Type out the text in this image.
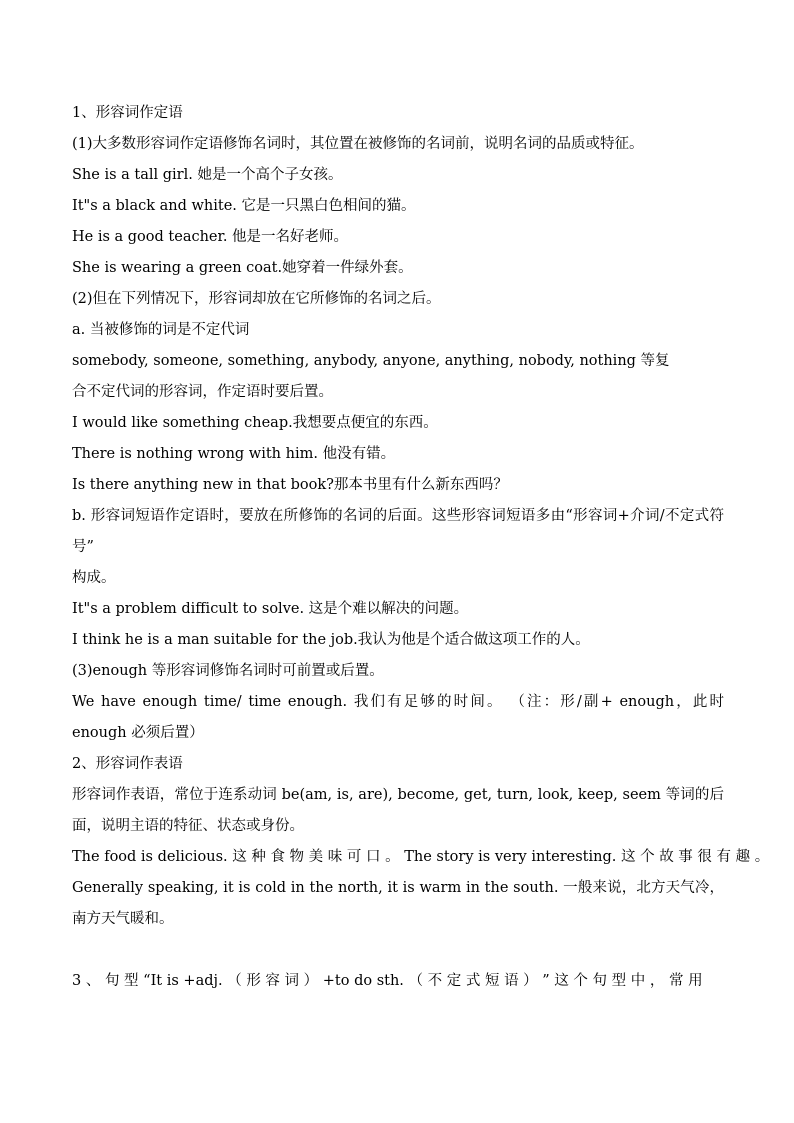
1、形容词作定语
(1)大多数形容词作定语修饰名词时，其位置在被修饰的名词前，说明名词的品质或特征。
She is a tall girl. 她是一个高个子女孩。
It"s a black and white. 它是一只黑白色相间的猫。
He is a good teacher. 他是一名好老师。
She is wearing a green coat.她穿着一件绿外套。
(2)但在下列情况下，形容词却放在它所修饰的名词之后。
a. 当被修饰的词是不定代词
somebody, someone, something, anybody, anyone, anything, nobody, nothing 等复
合不定代词的形容词，作定语时要后置。
I would like something cheap.我想要点便宜的东西。
There is nothing wrong with him. 他没有错。
Is there anything new in that book?那本书里有什么新东西吗？
b. 形容词短语作定语时，要放在所修饰的名词的后面。这些形容词短语多由“形容词+介词/不定式符号”
构成。
It"s a problem difficult to solve. 这是个难以解决的问题。
I think he is a man suitable for the job.我认为他是个适合做这项工作的人。
(3)enough 等形容词修饰名词时可前置或后置。
We have enough time/ time enough. 我们有足够的时间。 （注：形/副+ enough，此时 enough 必须后置）
2、形容词作表语
形容词作表语，常位于连系动词 be(am, is, are), become, get, turn, look, keep, seem 等词的后面，说明主语的特征、状态或身份。
The food is delicious. 这 种 食 物 美 味 可 口 。 The story is very interesting. 这 个 故 事 很 有 趣 。
Generally speaking, it is cold in the north, it is warm in the south. 一般来说，北方天气冷，南方天气暖和。
3 、 句 型 “It is +adj. （ 形 容 词 ） +to do sth. （ 不 定 式 短 语 ） ” 这 个 句 型 中 ， 常 用
